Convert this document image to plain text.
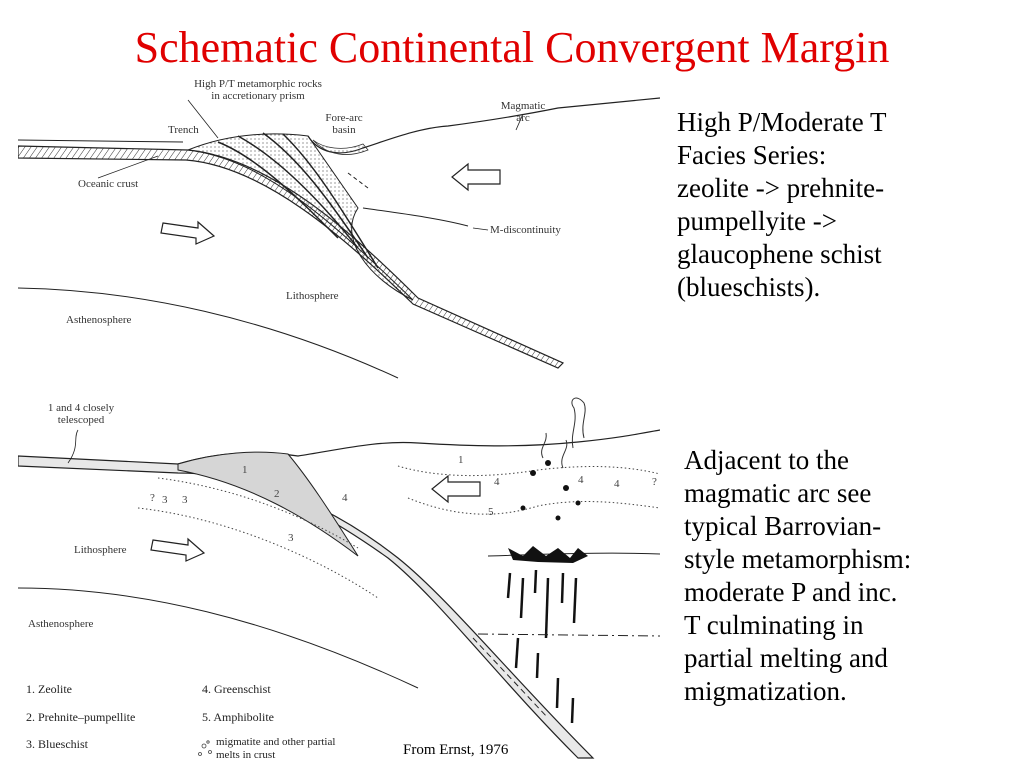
Schematic Continental Convergent Margin
High P/T metamorphic rocks
in accretionary prism
Trench
Fore-arc
basin
Magmatic
arc
Oceanic crust
M-discontinuity
Lithosphere
Asthenosphere
1 and 4 closely
telescoped
Lithosphere
Asthenosphere
1
2
3
4
5
? 3 3
4
1
4
4	?
1. Zeolite
2. Prehnite–pumpellite
3. Blueschist
4. Greenschist
5. Amphibolite
migmatite and other partial
melts in crust	From Ernst, 1976
High P/Moderate T
Facies Series:
zeolite -> prehnite-
pumpellyite ->
glaucophene schist
(blueschists).
Adjacent to the
magmatic arc see
typical Barrovian-
style metamorphism:
moderate P and inc.
T culminating in
partial melting and
migmatization.
